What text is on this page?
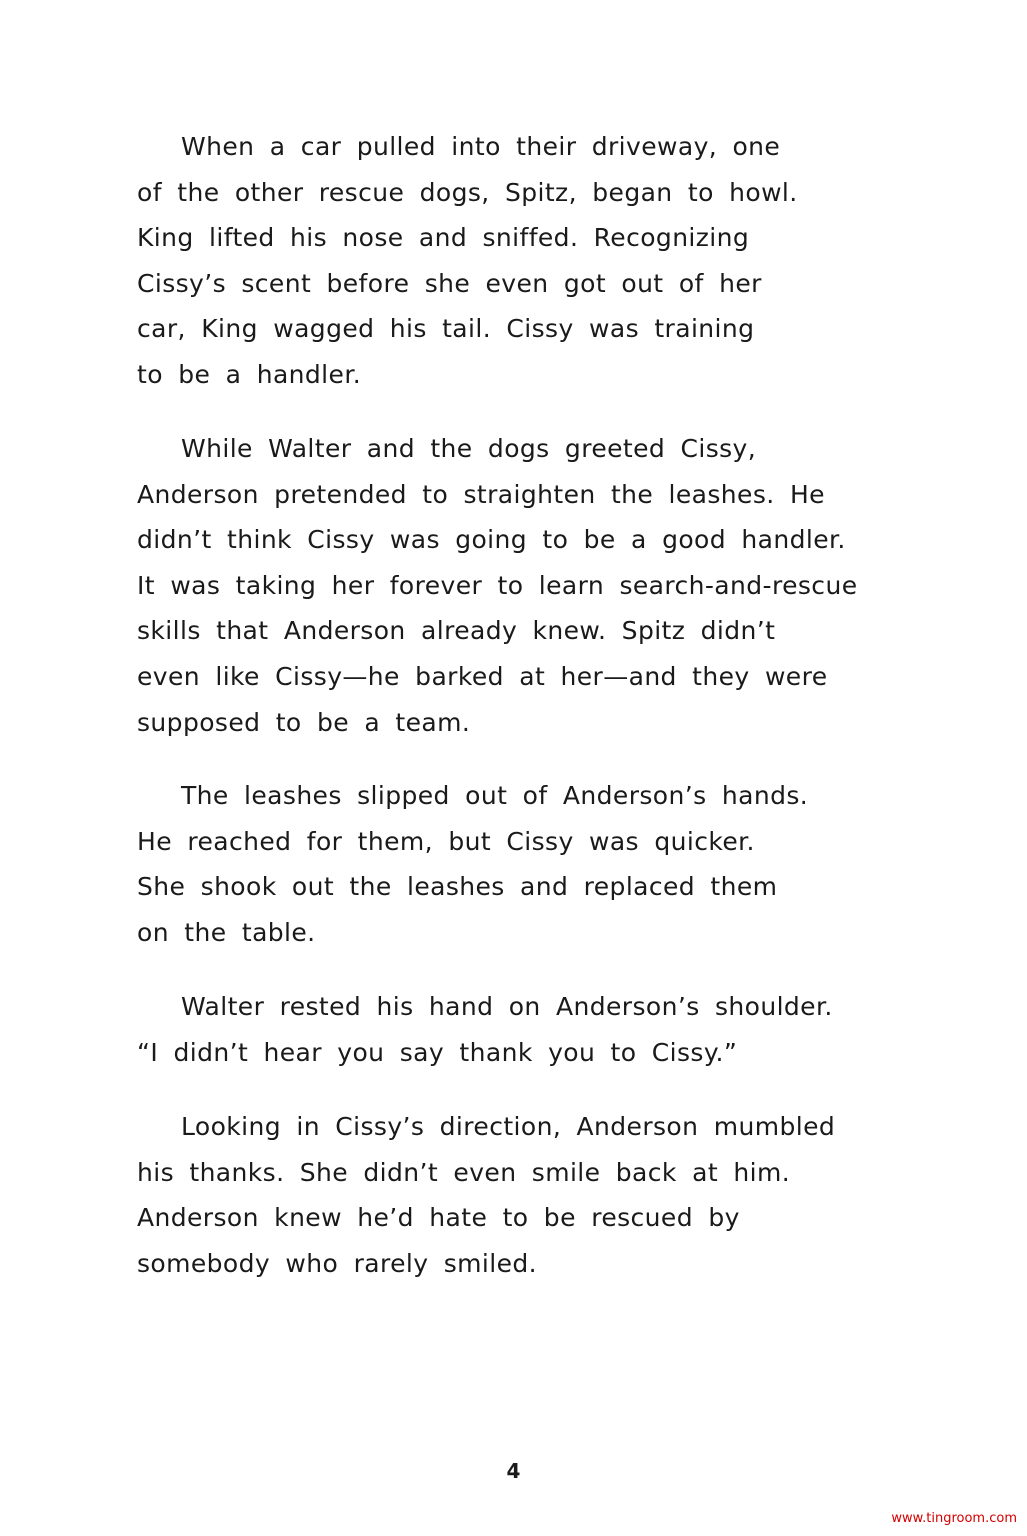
When a car pulled into their driveway, one
of the other rescue dogs, Spitz, began to howl.
King lifted his nose and sniffed. Recognizing
Cissy’s scent before she even got out of her
car, King wagged his tail. Cissy was training
to be a handler.
While Walter and the dogs greeted Cissy,
Anderson pretended to straighten the leashes. He
didn’t think Cissy was going to be a good handler.
It was taking her forever to learn search-and-rescue
skills that Anderson already knew. Spitz didn’t
even like Cissy—he barked at her—and they were
supposed to be a team.
The leashes slipped out of Anderson’s hands.
He reached for them, but Cissy was quicker.
She shook out the leashes and replaced them
on the table.
Walter rested his hand on Anderson’s shoulder.
“I didn’t hear you say thank you to Cissy.”
Looking in Cissy’s direction, Anderson mumbled
his thanks. She didn’t even smile back at him.
Anderson knew he’d hate to be rescued by
somebody who rarely smiled.
4
www.tingroom.com
